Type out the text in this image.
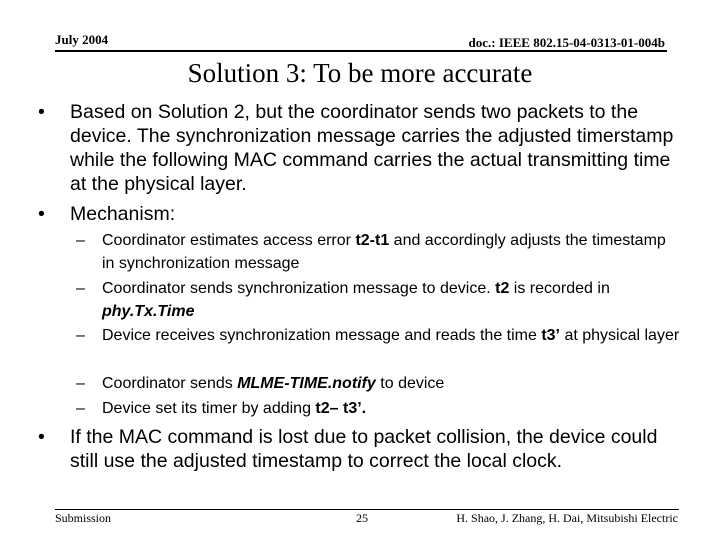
July 2004	doc.: IEEE 802.15-04-0313-01-004b
Solution 3: To be more accurate
•	Based on Solution 2, but the coordinator sends two packets to the device. The synchronization message carries the adjusted timerstamp while the following MAC command carries the actual transmitting time at the physical layer.
•	Mechanism:
– Coordinator estimates access error t2-t1 and accordingly adjusts the timestamp in synchronization message
– Coordinator sends synchronization message to device. t2 is recorded in phy.Tx.Time
– Device receives synchronization message and reads the time t3’ at physical layer
– Coordinator sends MLME-TIME.notify to device
– Device set its timer by adding t2– t3’.
•	If the MAC command is lost due to packet collision, the device could still use the adjusted timestamp to correct the local clock.
Submission	25	H. Shao, J. Zhang, H. Dai, Mitsubishi Electric
